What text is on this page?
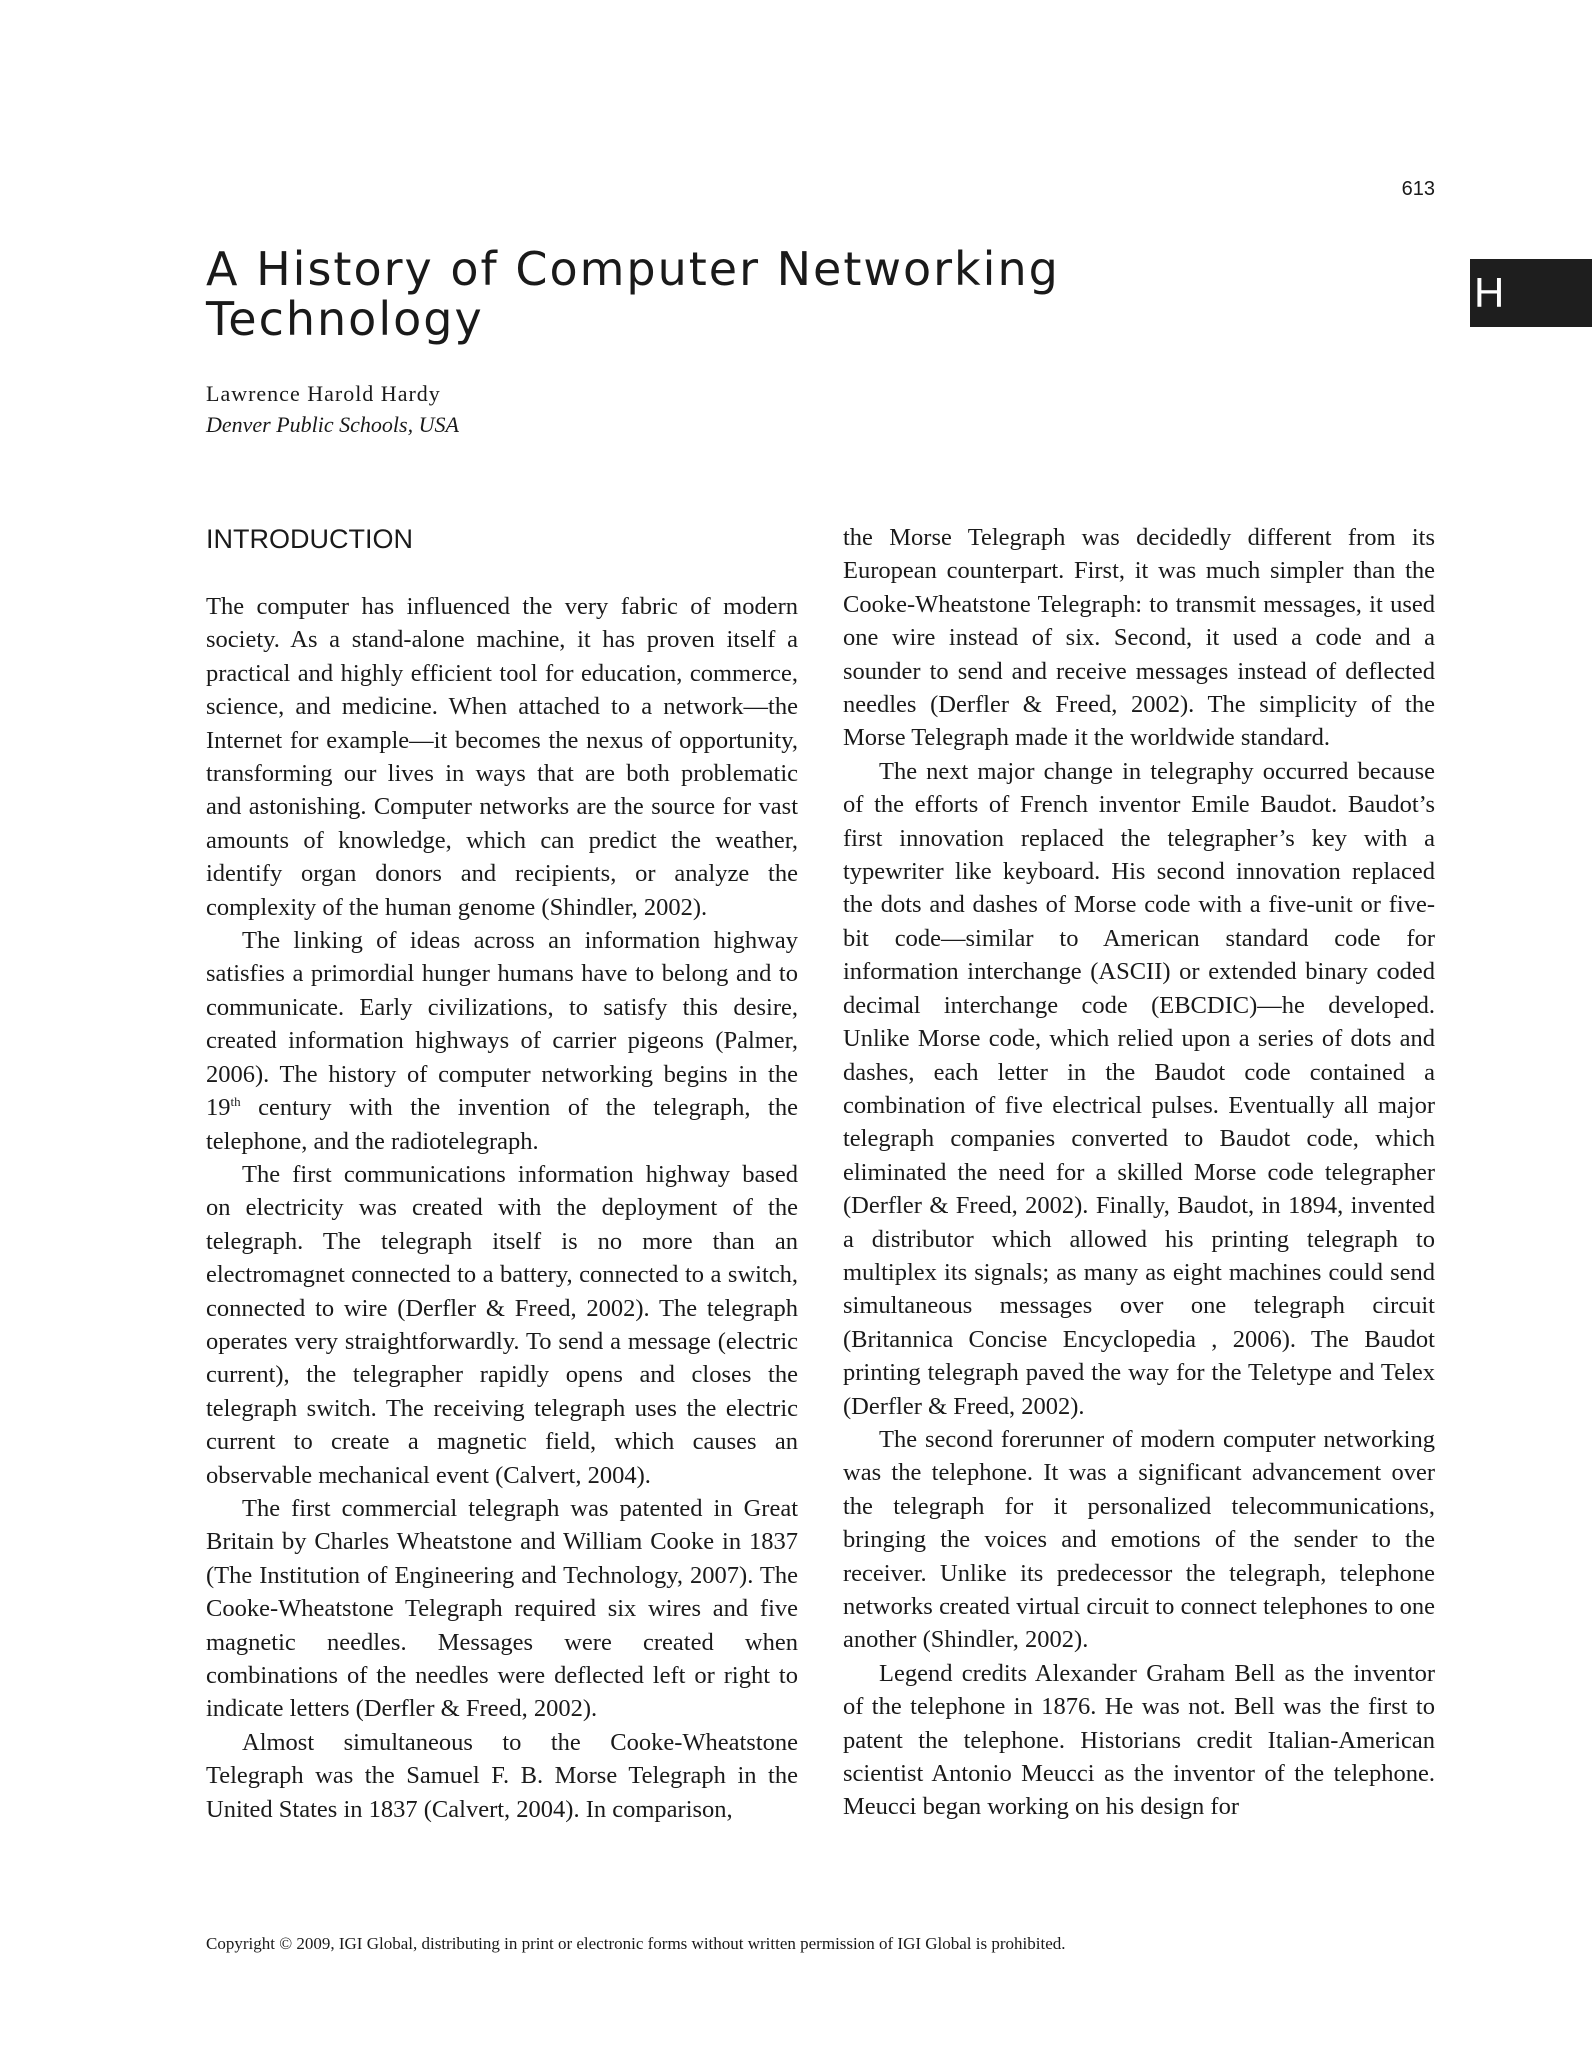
613
H
A History of Computer Networking Technology
Lawrence Harold Hardy
Denver Public Schools, USA
INTRODUCTION

The computer has influenced the very fabric of modern society. As a stand-alone machine, it has proven itself a practical and highly efficient tool for education, commerce, science, and medicine. When attached to a network—the Internet for example—it becomes the nexus of opportunity, transforming our lives in ways that are both problematic and astonishing. Computer networks are the source for vast amounts of knowledge, which can predict the weather, identify organ donors and recipients, or analyze the complexity of the human genome (Shindler, 2002).

The linking of ideas across an information highway satisfies a primordial hunger humans have to belong and to communicate. Early civilizations, to satisfy this desire, created information highways of carrier pigeons (Palmer, 2006). The history of computer networking begins in the 19th century with the invention of the telegraph, the telephone, and the radiotelegraph.

The first communications information highway based on electricity was created with the deployment of the telegraph. The telegraph itself is no more than an electromagnet connected to a battery, connected to a switch, connected to wire (Derfler & Freed, 2002). The telegraph operates very straightforwardly. To send a message (electric current), the telegrapher rapidly opens and closes the telegraph switch. The receiving telegraph uses the electric current to create a magnetic field, which causes an observable mechanical event (Calvert, 2004).

The first commercial telegraph was patented in Great Britain by Charles Wheatstone and William Cooke in 1837 (The Institution of Engineering and Technology, 2007). The Cooke-Wheatstone Telegraph required six wires and five magnetic needles. Messages were created when combinations of the needles were deflected left or right to indicate letters (Derfler & Freed, 2002).

Almost simultaneous to the Cooke-Wheatstone Telegraph was the Samuel F. B. Morse Telegraph in the United States in 1837 (Calvert, 2004). In comparison,

the Morse Telegraph was decidedly different from its European counterpart. First, it was much simpler than the Cooke-Wheatstone Telegraph: to transmit messages, it used one wire instead of six. Second, it used a code and a sounder to send and receive messages instead of deflected needles (Derfler & Freed, 2002). The simplicity of the Morse Telegraph made it the worldwide standard.

The next major change in telegraphy occurred because of the efforts of French inventor Emile Baudot. Baudot’s first innovation replaced the telegrapher’s key with a typewriter like keyboard. His second innovation replaced the dots and dashes of Morse code with a five-unit or five-bit code—similar to American standard code for information interchange (ASCII) or extended binary coded decimal interchange code (EBCDIC)—he developed. Unlike Morse code, which relied upon a series of dots and dashes, each letter in the Baudot code contained a combination of five electrical pulses. Eventually all major telegraph companies converted to Baudot code, which eliminated the need for a skilled Morse code telegrapher (Derfler & Freed, 2002). Finally, Baudot, in 1894, invented a distributor which allowed his printing telegraph to multiplex its signals; as many as eight machines could send simultaneous messages over one telegraph circuit (Britannica Concise Encyclopedia , 2006). The Baudot printing telegraph paved the way for the Teletype and Telex (Derfler & Freed, 2002).

The second forerunner of modern computer networking was the telephone. It was a significant advancement over the telegraph for it personalized telecommunications, bringing the voices and emotions of the sender to the receiver. Unlike its predecessor the telegraph, telephone networks created virtual circuit to connect telephones to one another (Shindler, 2002).

Legend credits Alexander Graham Bell as the inventor of the telephone in 1876. He was not. Bell was the first to patent the telephone. Historians credit Italian-American scientist Antonio Meucci as the inventor of the telephone. Meucci began working on his design for

Copyright © 2009, IGI Global, distributing in print or electronic forms without written permission of IGI Global is prohibited.
